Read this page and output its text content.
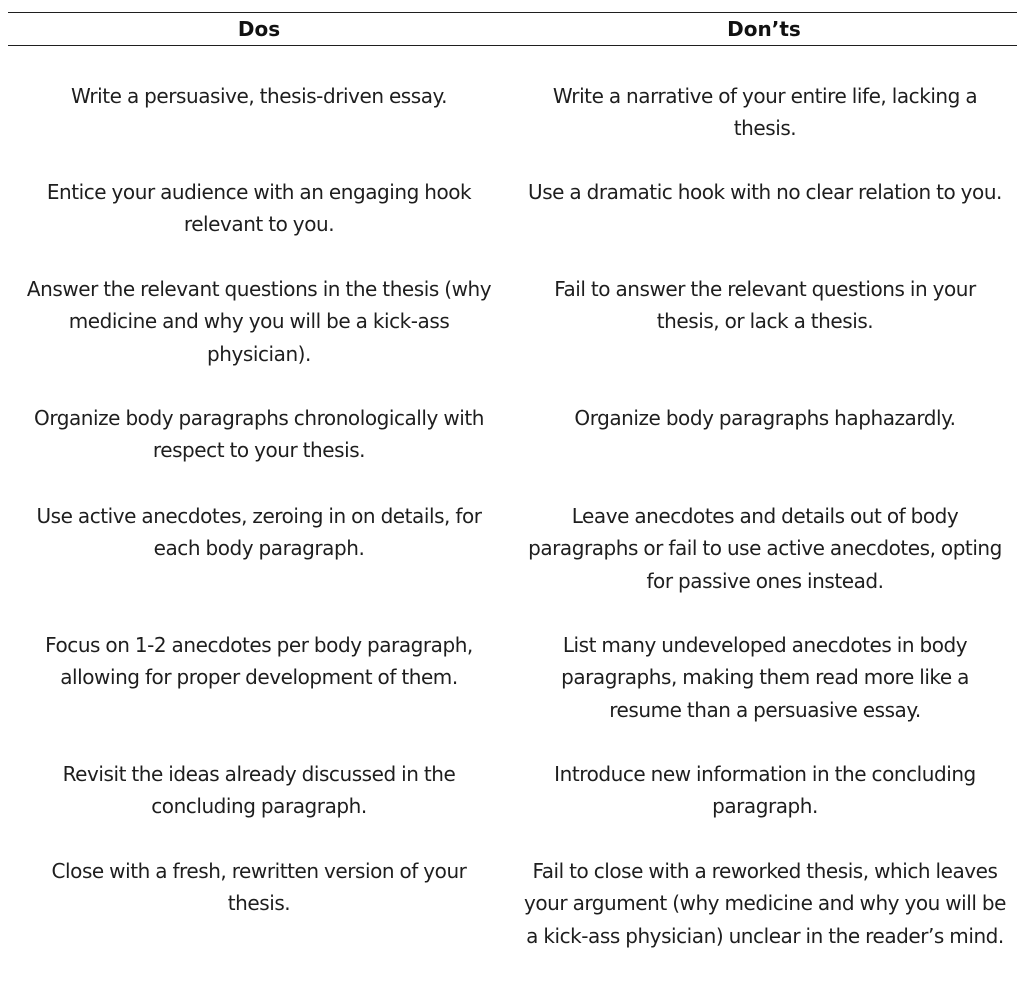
Dos	Don’ts
Write a persuasive, thesis-driven essay.	Write a narrative of your entire life, lacking a thesis.
Entice your audience with an engaging hook relevant to you.
Use a dramatic hook with no clear relation to you.
Answer the relevant questions in the thesis (why medicine and why you will be a kick-ass physician).
Fail to answer the relevant questions in your thesis, or lack a thesis.
Organize body paragraphs chronologically with respect to your thesis.
Organize body paragraphs haphazardly.
Use active anecdotes, zeroing in on details, for each body paragraph.
Leave anecdotes and details out of body paragraphs or fail to use active anecdotes, opting for passive ones instead.
Focus on 1-2 anecdotes per body paragraph, allowing for proper development of them.
List many undeveloped anecdotes in body paragraphs, making them read more like a resume than a persuasive essay.
Revisit the ideas already discussed in the concluding paragraph.
Introduce new information in the concluding paragraph.
Close with a fresh, rewritten version of your thesis.
Fail to close with a reworked thesis, which leaves your argument (why medicine and why you will be a kick-ass physician) unclear in the reader’s mind.
